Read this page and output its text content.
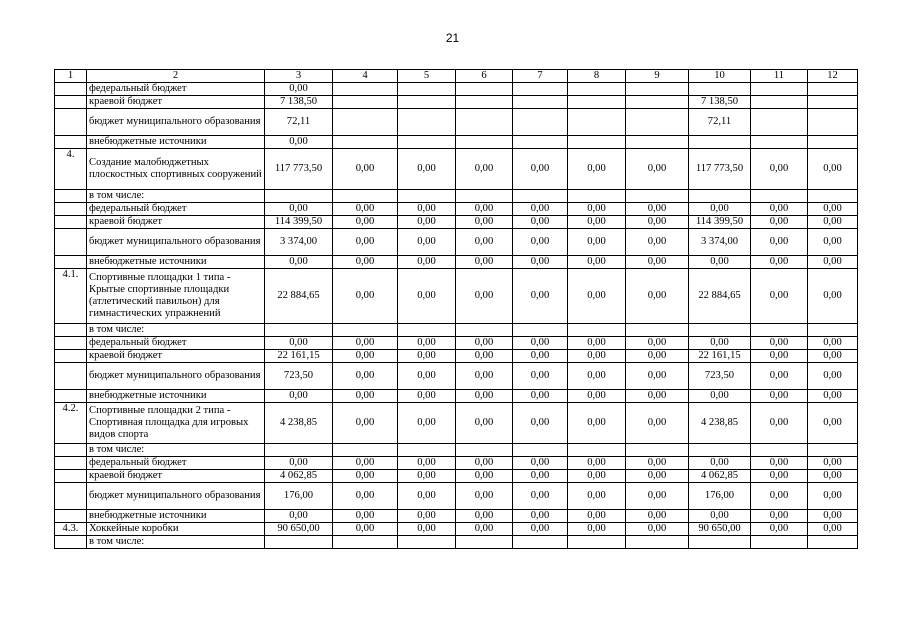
21
1	2	3	4	5	6	7	8	9	10	11	12
	федеральный бюджет	0,00									
	краевой бюджет	7 138,50							7 138,50		
	бюджет муниципального образования	72,11							72,11		
	внебюджетные источники	0,00									
4.	Создание малобюджетных плоскостных спортивных сооружений	117 773,50	0,00	0,00	0,00	0,00	0,00	0,00	117 773,50	0,00	0,00
	в том числе:										
	федеральный бюджет	0,00	0,00	0,00	0,00	0,00	0,00	0,00	0,00	0,00	0,00
	краевой бюджет	114 399,50	0,00	0,00	0,00	0,00	0,00	0,00	114 399,50	0,00	0,00
	бюджет муниципального образования	3 374,00	0,00	0,00	0,00	0,00	0,00	0,00	3 374,00	0,00	0,00
	внебюджетные источники	0,00	0,00	0,00	0,00	0,00	0,00	0,00	0,00	0,00	0,00
4.1.	Спортивные площадки 1 типа - Крытые спортивные площадки (атлетический павильон) для гимнастических упражнений	22 884,65	0,00	0,00	0,00	0,00	0,00	0,00	22 884,65	0,00	0,00
	в том числе:										
	федеральный бюджет	0,00	0,00	0,00	0,00	0,00	0,00	0,00	0,00	0,00	0,00
	краевой бюджет	22 161,15	0,00	0,00	0,00	0,00	0,00	0,00	22 161,15	0,00	0,00
	бюджет муниципального образования	723,50	0,00	0,00	0,00	0,00	0,00	0,00	723,50	0,00	0,00
	внебюджетные источники	0,00	0,00	0,00	0,00	0,00	0,00	0,00	0,00	0,00	0,00
4.2.	Спортивные площадки 2 типа - Спортивная площадка для игровых видов спорта	4 238,85	0,00	0,00	0,00	0,00	0,00	0,00	4 238,85	0,00	0,00
	в том числе:										
	федеральный бюджет	0,00	0,00	0,00	0,00	0,00	0,00	0,00	0,00	0,00	0,00
	краевой бюджет	4 062,85	0,00	0,00	0,00	0,00	0,00	0,00	4 062,85	0,00	0,00
	бюджет муниципального образования	176,00	0,00	0,00	0,00	0,00	0,00	0,00	176,00	0,00	0,00
	внебюджетные источники	0,00	0,00	0,00	0,00	0,00	0,00	0,00	0,00	0,00	0,00
4.3.	Хоккейные коробки	90 650,00	0,00	0,00	0,00	0,00	0,00	0,00	90 650,00	0,00	0,00
	в том числе:										
